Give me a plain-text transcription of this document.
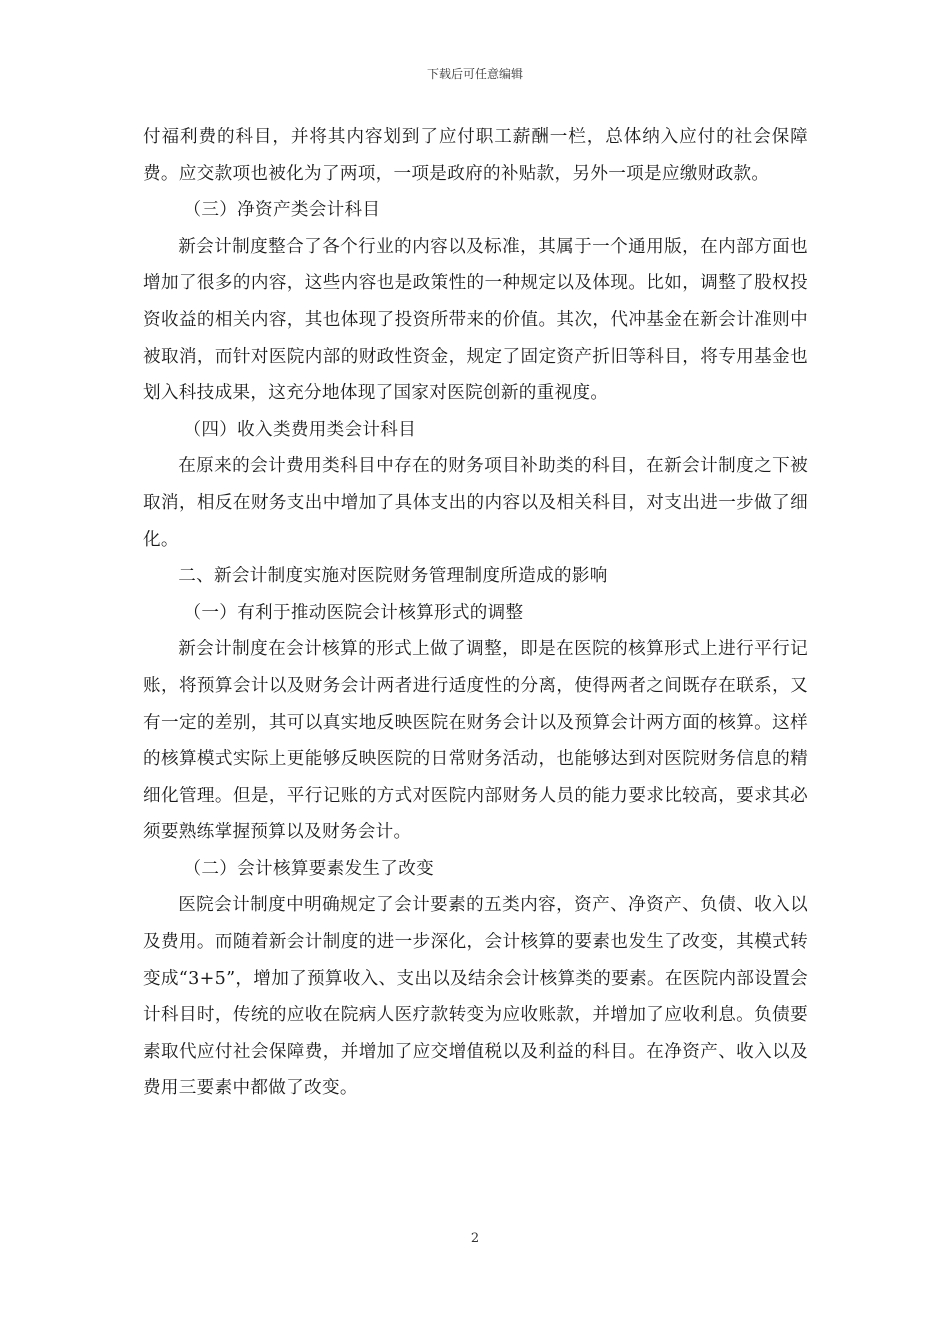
下载后可任意编辑

付福利费的科目，并将其内容划到了应付职工薪酬一栏，总体纳入应付的社会保障费。应交款项也被化为了两项，一项是政府的补贴款，另外一项是应缴财政款。

（三）净资产类会计科目

新会计制度整合了各个行业的内容以及标准，其属于一个通用版，在内部方面也增加了很多的内容，这些内容也是政策性的一种规定以及体现。比如，调整了股权投资收益的相关内容，其也体现了投资所带来的价值。其次，代冲基金在新会计准则中被取消，而针对医院内部的财政性资金，规定了固定资产折旧等科目，将专用基金也划入科技成果，这充分地体现了国家对医院创新的重视度。

（四）收入类费用类会计科目

在原来的会计费用类科目中存在的财务项目补助类的科目，在新会计制度之下被取消，相反在财务支出中增加了具体支出的内容以及相关科目，对支出进一步做了细化。

二、新会计制度实施对医院财务管理制度所造成的影响

（一）有利于推动医院会计核算形式的调整

新会计制度在会计核算的形式上做了调整，即是在医院的核算形式上进行平行记账，将预算会计以及财务会计两者进行适度性的分离，使得两者之间既存在联系，又有一定的差别，其可以真实地反映医院在财务会计以及预算会计两方面的核算。这样的核算模式实际上更能够反映医院的日常财务活动，也能够达到对医院财务信息的精细化管理。但是，平行记账的方式对医院内部财务人员的能力要求比较高，要求其必须要熟练掌握预算以及财务会计。

（二）会计核算要素发生了改变

医院会计制度中明确规定了会计要素的五类内容，资产、净资产、负债、收入以及费用。而随着新会计制度的进一步深化，会计核算的要素也发生了改变，其模式转变成“3+5”，增加了预算收入、支出以及结余会计核算类的要素。在医院内部设置会计科目时，传统的应收在院病人医疗款转变为应收账款，并增加了应收利息。负债要素取代应付社会保障费，并增加了应交增值税以及利益的科目。在净资产、收入以及费用三要素中都做了改变。

2
